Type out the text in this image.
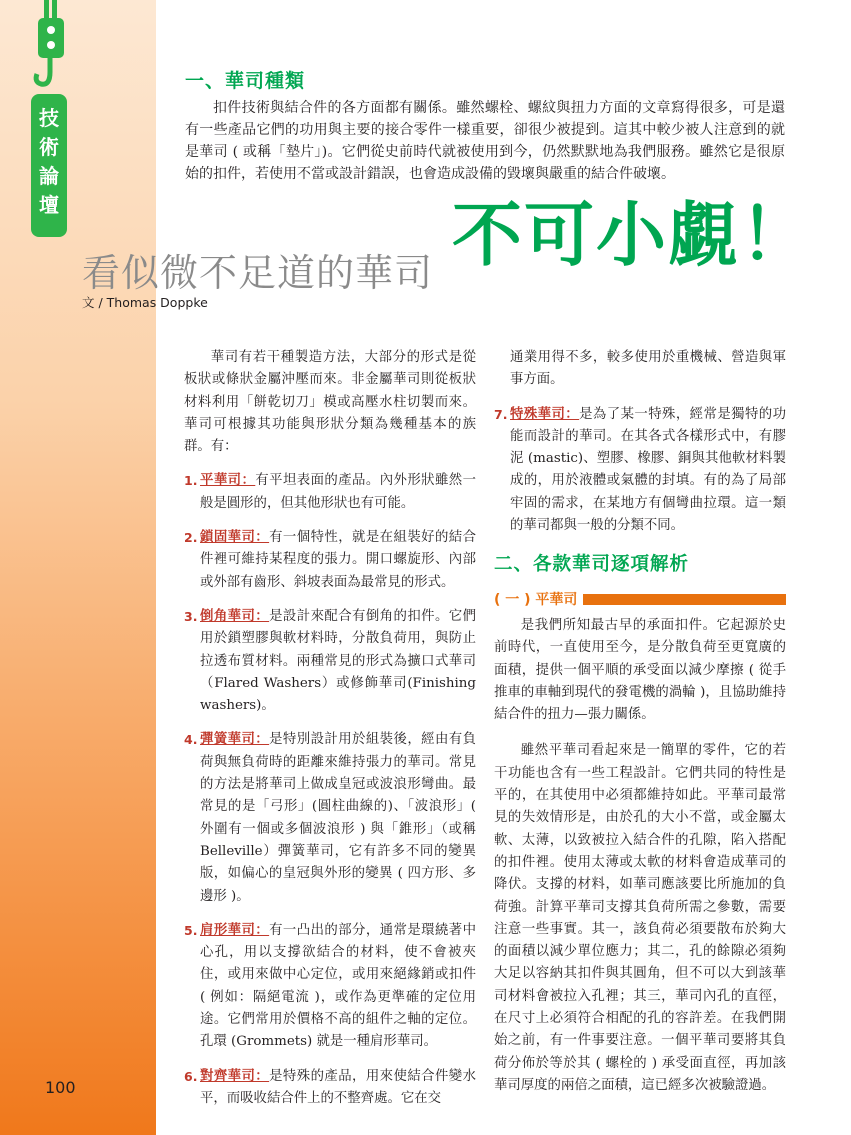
技
術
論
壇
100
一、華司種類

扣件技術與結合件的各方面都有關係。雖然螺栓、螺紋與扭力方面的文章寫得很多，可是還有一些產品它們的功用與主要的接合零件一樣重要，卻很少被提到。這其中較少被人注意到的就是華司 ( 或稱「墊片」)。它們從史前時代就被使用到今，仍然默默地為我們服務。雖然它是很原始的扣件，若使用不當或設計錯誤，也會造成設備的毀壞與嚴重的結合件破壞。

看似微不足道的華司 不可小覷！
文 / Thomas Doppke

華司有若干種製造方法，大部分的形式是從板狀或條狀金屬沖壓而來。非金屬華司則從板狀材料利用「餅乾切刀」模或高壓水柱切製而來。華司可根據其功能與形狀分類為幾種基本的族群。有：

1. 平華司：有平坦表面的產品。內外形狀雖然一般是圓形的，但其他形狀也有可能。
2. 鎖固華司：有一個特性，就是在組裝好的結合件裡可維持某程度的張力。開口螺旋形、內部或外部有齒形、斜坡表面為最常見的形式。
3. 倒角華司：是設計來配合有倒角的扣件。它們用於鎖塑膠與軟材料時，分散負荷用，與防止拉透布質材料。兩種常見的形式為擴口式華司（Flared Washers）或修飾華司(Finishing washers)。
4. 彈簧華司：是特別設計用於組裝後，經由有負荷與無負荷時的距離來維持張力的華司。常見的方法是將華司上做成皇冠或波浪形彎曲。最常見的是「弓形」(圓柱曲線的)、「波浪形」( 外圍有一個或多個波浪形 ) 與「錐形」（或稱 Belleville）彈簧華司，它有許多不同的變異版，如偏心的皇冠與外形的變異 ( 四方形、多邊形 )。
5. 肩形華司：有一凸出的部分，通常是環繞著中心孔，用以支撐欲結合的材料，使不會被夾住，或用來做中心定位，或用來絕緣銷或扣件 ( 例如：隔絕電流 )，或作為更準確的定位用途。它們常用於價格不高的組件之軸的定位。孔環 (Grommets) 就是一種肩形華司。
6. 對齊華司：是特殊的產品，用來使結合件變水平，而吸收結合件上的不整齊處。它在交

通業用得不多，較多使用於重機械、營造與軍事方面。

7. 特殊華司：是為了某一特殊，經常是獨特的功能而設計的華司。在其各式各樣形式中，有膠泥 (mastic)、塑膠、橡膠、銅與其他軟材料製成的，用於液體或氣體的封填。有的為了局部牢固的需求，在某地方有個彎曲拉環。這一類的華司都與一般的分類不同。
二、各款華司逐項解析
( 一 ) 平華司

是我們所知最古早的承面扣件。它起源於史前時代，一直使用至今，是分散負荷至更寬廣的面積，提供一個平順的承受面以減少摩擦 ( 從手推車的車軸到現代的發電機的渦輪 )，且協助維持結合件的扭力—張力關係。

雖然平華司看起來是一簡單的零件，它的若干功能也含有一些工程設計。它們共同的特性是平的，在其使用中必須都維持如此。平華司最常見的失效情形是，由於孔的大小不當，或金屬太軟、太薄，以致被拉入結合件的孔隙，陷入搭配的扣件裡。使用太薄或太軟的材料會造成華司的降伏。支撐的材料，如華司應該要比所施加的負荷強。計算平華司支撐其負荷所需之參數，需要注意一些事實。其一，該負荷必須要散布於夠大的面積以減少單位應力；其二，孔的餘隙必須夠大足以容納其扣件與其圓角，但不可以大到該華司材料會被拉入孔裡；其三，華司內孔的直徑，在尺寸上必須符合相配的孔的容許差。在我們開始之前，有一件事要注意。一個平華司要將其負荷分佈於等於其 ( 螺栓的 ) 承受面直徑，再加該華司厚度的兩倍之面積，這已經多次被驗證過。
